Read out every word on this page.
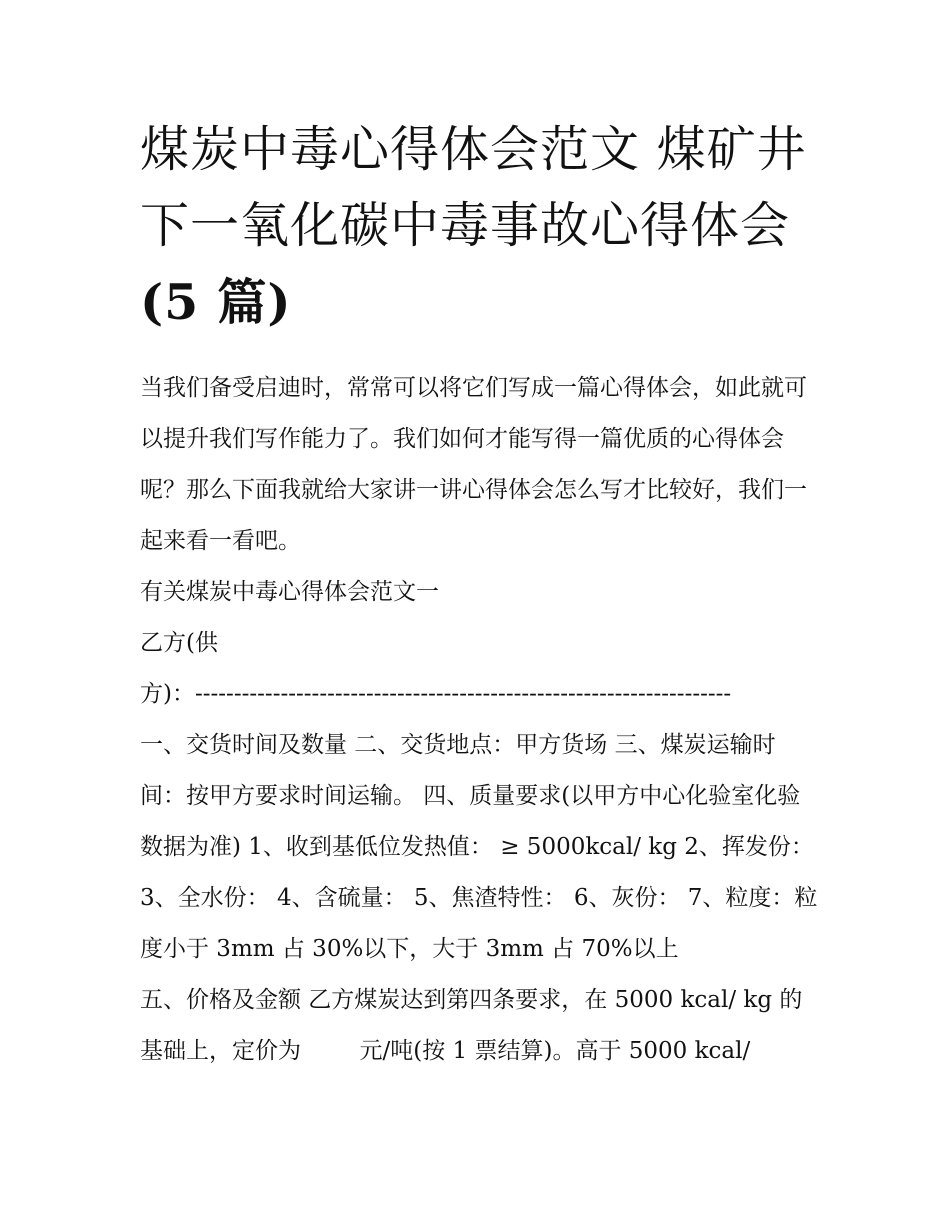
煤炭中毒心得体会范文 煤矿井下一氧化碳中毒事故心得体会
(5 篇)

当我们备受启迪时，常常可以将它们写成一篇心得体会，如此就可以提升我们写作能力了。我们如何才能写得一篇优质的心得体会呢？那么下面我就给大家讲一讲心得体会怎么写才比较好，我们一起来看一看吧。

有关煤炭中毒心得体会范文一

乙方(供

方)：---------------------------------------------------------------------

一、交货时间及数量 二、交货地点：甲方货场 三、煤炭运输时间：按甲方要求时间运输。 四、质量要求(以甲方中心化验室化验数据为准) 1、收到基低位发热值： ≥ 5000kcal/ kg 2、挥发份： 3、全水份： 4、含硫量： 5、焦渣特性： 6、灰份： 7、粒度：粒度小于 3mm 占 30%以下，大于 3mm 占 70%以上

五、价格及金额 乙方煤炭达到第四条要求，在 5000 kcal/ kg 的基础上，定价为        元/吨(按 1 票结算)。高于 5000 kcal/
